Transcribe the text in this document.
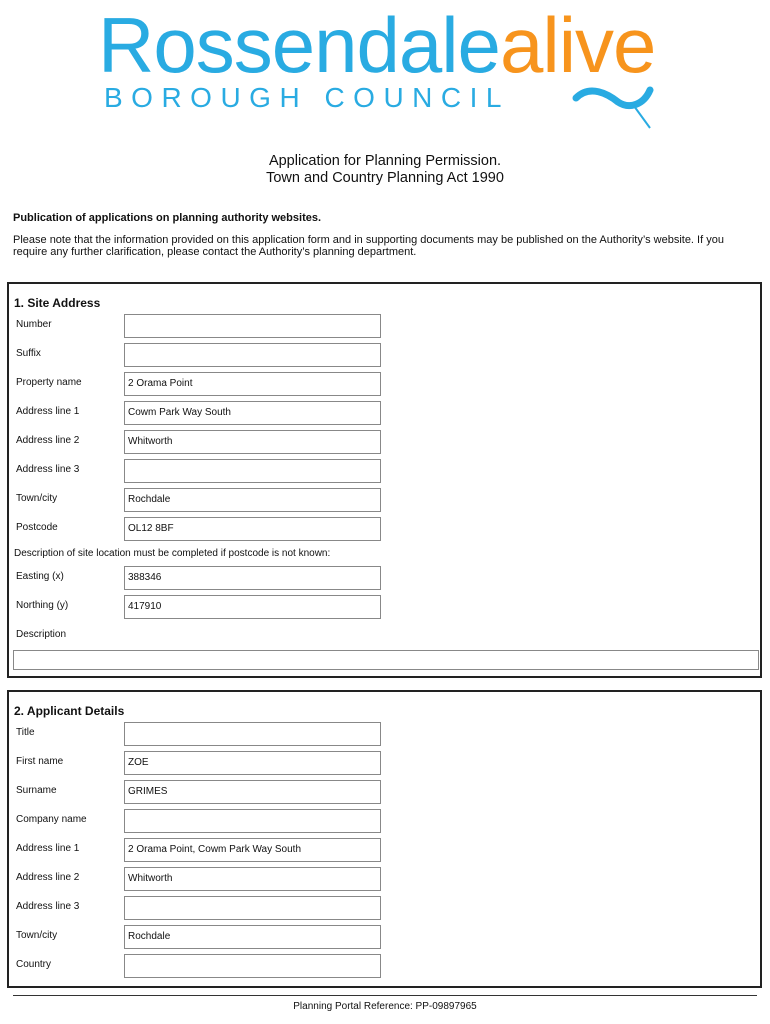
Rossendale alive
BOROUGH COUNCIL
Application for Planning Permission.
Town and Country Planning Act 1990
Publication of applications on planning authority websites.
Please note that the information provided on this application form and in supporting documents may be published on the Authority’s website. If you require any further clarification, please contact the Authority’s planning department.
1. Site Address
Number
Suffix
Property name	2 Orama Point
Address line 1	Cowm Park Way South
Address line 2	Whitworth
Address line 3
Town/city	Rochdale
Postcode	OL12 8BF
Description of site location must be completed if postcode is not known:
Easting (x)	388346
Northing (y)	417910
Description
2. Applicant Details
Title
First name	ZOE
Surname	GRIMES
Company name
Address line 1	2 Orama Point, Cowm Park Way South
Address line 2	Whitworth
Address line 3
Town/city	Rochdale
Country
Planning Portal Reference: PP-09897965
